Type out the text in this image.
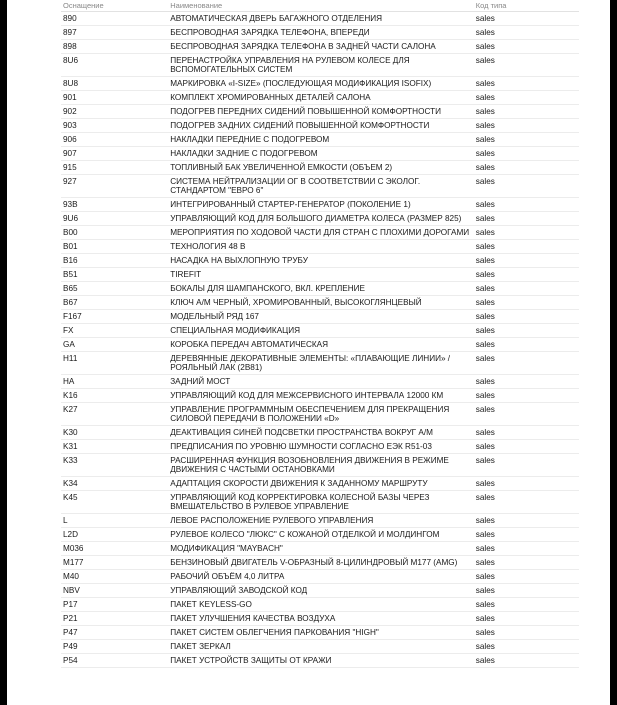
Оснащение	Наименование	Код типа
890	АВТОМАТИЧЕСКАЯ ДВЕРЬ БАГАЖНОГО ОТДЕЛЕНИЯ	sales
897	БЕСПРОВОДНАЯ ЗАРЯДКА ТЕЛЕФОНА, ВПЕРЕДИ	sales
898	БЕСПРОВОДНАЯ ЗАРЯДКА ТЕЛЕФОНА В ЗАДНЕЙ ЧАСТИ САЛОНА	sales
8U6	ПЕРЕНАСТРОЙКА УПРАВЛЕНИЯ НА РУЛЕВОМ КОЛЕСЕ ДЛЯ ВСПОМОГАТЕЛЬНЫХ СИСТЕМ	sales
8U8	МАРКИРОВКА «I-SIZE» (ПОСЛЕДУЮЩАЯ МОДИФИКАЦИЯ ISOFIX)	sales
901	КОМПЛЕКТ ХРОМИРОВАННЫХ ДЕТАЛЕЙ САЛОНА	sales
902	ПОДОГРЕВ ПЕРЕДНИХ СИДЕНИЙ ПОВЫШЕННОЙ КОМФОРТНОСТИ	sales
903	ПОДОГРЕВ ЗАДНИХ СИДЕНИЙ ПОВЫШЕННОЙ КОМФОРТНОСТИ	sales
906	НАКЛАДКИ ПЕРЕДНИЕ С ПОДОГРЕВОМ	sales
907	НАКЛАДКИ ЗАДНИЕ С ПОДОГРЕВОМ	sales
915	ТОПЛИВНЫЙ БАК УВЕЛИЧЕННОЙ ЕМКОСТИ (ОБЪЕМ 2)	sales
927	СИСТЕМА НЕЙТРАЛИЗАЦИИ ОГ В СООТВЕТСТВИИ С ЭКОЛОГ. СТАНДАРТОМ "ЕВРО 6"	sales
93B	ИНТЕГРИРОВАННЫЙ СТАРТЕР-ГЕНЕРАТОР (ПОКОЛЕНИЕ 1)	sales
9U6	УПРАВЛЯЮЩИЙ КОД ДЛЯ БОЛЬШОГО ДИАМЕТРА КОЛЕСА (РАЗМЕР 825)	sales
B00	МЕРОПРИЯТИЯ ПО ХОДОВОЙ ЧАСТИ ДЛЯ СТРАН С ПЛОХИМИ ДОРОГАМИ	sales
B01	ТЕХНОЛОГИЯ 48 В	sales
B16	НАСАДКА НА ВЫХЛОПНУЮ ТРУБУ	sales
B51	TIREFIT	sales
B65	БОКАЛЫ ДЛЯ ШАМПАНСКОГО, ВКЛ. КРЕПЛЕНИЕ	sales
B67	КЛЮЧ А/М ЧЕРНЫЙ, ХРОМИРОВАННЫЙ, ВЫСОКОГЛЯНЦЕВЫЙ	sales
F167	МОДЕЛЬНЫЙ РЯД 167	sales
FX	СПЕЦИАЛЬНАЯ МОДИФИКАЦИЯ	sales
GA	КОРОБКА ПЕРЕДАЧ АВТОМАТИЧЕСКАЯ	sales
H11	ДЕРЕВЯННЫЕ ДЕКОРАТИВНЫЕ ЭЛЕМЕНТЫ: «ПЛАВАЮЩИЕ ЛИНИИ» / РОЯЛЬНЫЙ ЛАК (2В81)	sales
HA	ЗАДНИЙ МОСТ	sales
K16	УПРАВЛЯЮЩИЙ КОД ДЛЯ МЕЖСЕРВИСНОГО ИНТЕРВАЛА 12000 КМ	sales
K27	УПРАВЛЕНИЕ ПРОГРАММНЫМ ОБЕСПЕЧЕНИЕМ ДЛЯ ПРЕКРАЩЕНИЯ СИЛОВОЙ ПЕРЕДАЧИ В ПОЛОЖЕНИИ «D»	sales
K30	ДЕАКТИВАЦИЯ СИНЕЙ ПОДСВЕТКИ ПРОСТРАНСТВА ВОКРУГ А/М	sales
K31	ПРЕДПИСАНИЯ ПО УРОВНЮ ШУМНОСТИ СОГЛАСНО ЕЭК R51-03	sales
K33	РАСШИРЕННАЯ ФУНКЦИЯ ВОЗОБНОВЛЕНИЯ ДВИЖЕНИЯ В РЕЖИМЕ ДВИЖЕНИЯ С ЧАСТЫМИ ОСТАНОВКАМИ	sales
K34	АДАПТАЦИЯ СКОРОСТИ ДВИЖЕНИЯ К ЗАДАННОМУ МАРШРУТУ	sales
K45	УПРАВЛЯЮЩИЙ КОД КОРРЕКТИРОВКА КОЛЕСНОЙ БАЗЫ ЧЕРЕЗ ВМЕШАТЕЛЬСТВО В РУЛЕВОЕ УПРАВЛЕНИЕ	sales
L	ЛЕВОЕ РАСПОЛОЖЕНИЕ РУЛЕВОГО УПРАВЛЕНИЯ	sales
L2D	РУЛЕВОЕ КОЛЕСО "ЛЮКС" С КОЖАНОЙ ОТДЕЛКОЙ И МОЛДИНГОМ	sales
M036	МОДИФИКАЦИЯ "MAYBACH"	sales
M177	БЕНЗИНОВЫЙ ДВИГАТЕЛЬ V-ОБРАЗНЫЙ 8-ЦИЛИНДРОВЫЙ M177 (AMG)	sales
M40	РАБОЧИЙ ОБЪЁМ 4,0 ЛИТРА	sales
NBV	УПРАВЛЯЮЩИЙ ЗАВОДСКОЙ КОД	sales
P17	ПАКЕТ KEYLESS-GO	sales
P21	ПАКЕТ УЛУЧШЕНИЯ КАЧЕСТВА ВОЗДУХА	sales
P47	ПАКЕТ СИСТЕМ ОБЛЕГЧЕНИЯ ПАРКОВАНИЯ "HIGH"	sales
P49	ПАКЕТ ЗЕРКАЛ	sales
P54	ПАКЕТ УСТРОЙСТВ ЗАЩИТЫ ОТ КРАЖИ	sales
